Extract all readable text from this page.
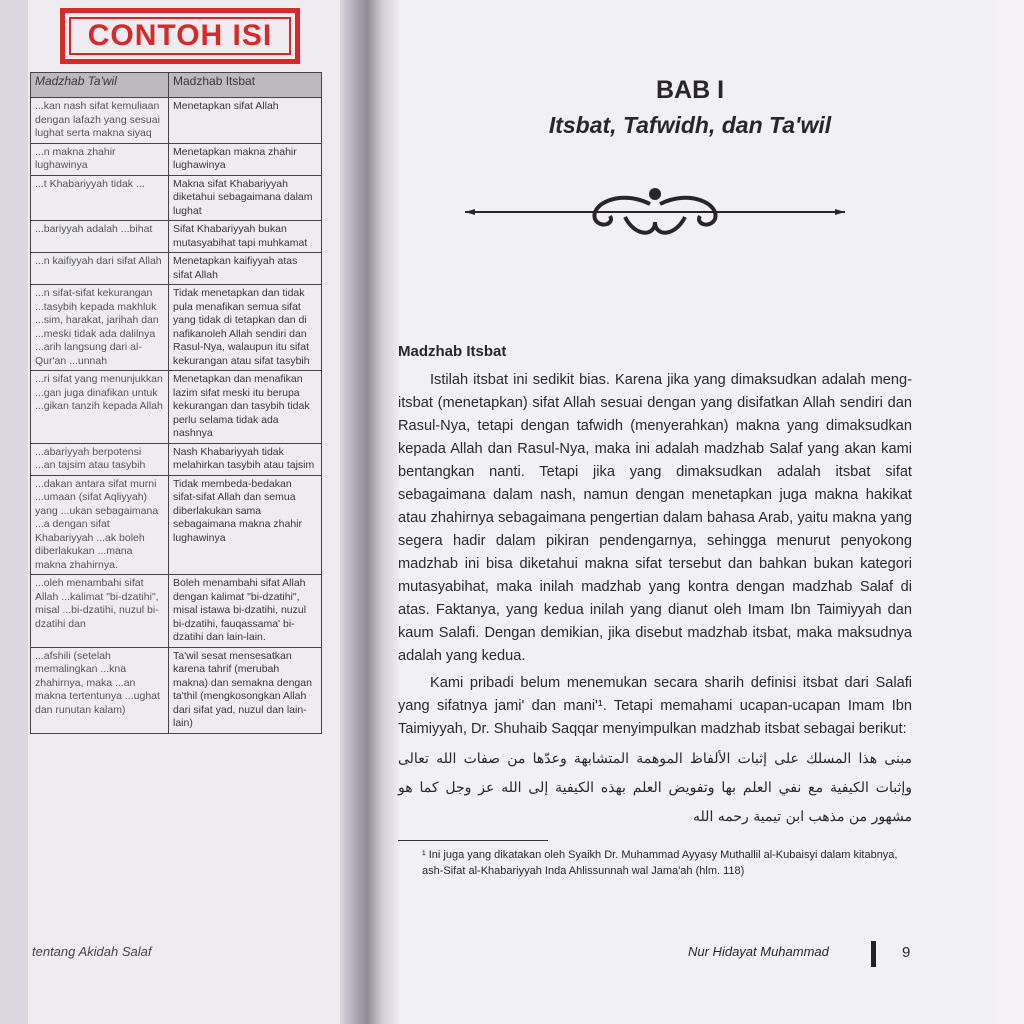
Madzhab Ta'wil	Madzhab Itsbat
...kan nash sifat kemuliaan dengan lafazh yang sesuai lughat serta makna siyaq	Menetapkan sifat Allah
...n makna zhahir lughawinya	Menetapkan makna zhahir lughawinya
...t Khabariyyah tidak ...	Makna sifat Khabariyyah diketahui sebagaimana dalam lughat
...bariyyah adalah ...bihat	Sifat Khabariyyah bukan mutasyabihat tapi muhkamat
...n kaifiyyah dari sifat Allah	Menetapkan kaifiyyah atas sifat Allah
...n sifat-sifat kekurangan ...tasybih kepada makhluk ...sim, harakat, jarihah dan ...meski tidak ada dalilnya ...arih langsung dari al-Qur'an ...unnah	Tidak menetapkan dan tidak pula menafikan semua sifat yang tidak di tetapkan dan di nafikanoleh Allah sendiri dan Rasul-Nya, walaupun itu sifat kekurangan atau sifat tasybih
...ri sifat yang menunjukkan ...gan juga dinafikan untuk ...gikan tanzih kepada Allah	Menetapkan dan menafikan lazim sifat meski itu berupa kekurangan dan tasybih tidak perlu selama tidak ada nashnya
...abariyyah berpotensi ...an tajsim atau tasybih	Nash Khabariyyah tidak melahirkan tasybih atau tajsim
...dakan antara sifat murni ...umaan (sifat Aqliyyah) yang ...ukan sebagaimana ...a dengan sifat Khabariyyah ...ak boleh diberlakukan ...mana makna zhahirnya.	Tidak membeda-bedakan sifat-sifat Allah dan semua diberlakukan sama sebagaimana makna zhahir lughawinya
...oleh menambahi sifat Allah ...kalimat "bi-dzatihi", misal ...bi-dzatihi, nuzul bi-dzatihi dan	Boleh menambahi sifat Allah dengan kalimat "bi-dzatihi", misal istawa bi-dzatihi, nuzul bi-dzatihi, fauqassama' bi-dzatihi dan lain-lain.
...afshili (setelah memalingkan ...kna zhahirnya, maka ...an makna tertentunya ...ughat dan runutan kalam)	Ta'wil sesat mensesatkan karena tahrif (merubah makna) dan semakna dengan ta'thil (mengkosongkan Allah dari sifat yad, nuzul dan lain-lain)
CONTOH ISI
tentang Akidah Salaf
BAB I
Itsbat, Tafwidh, dan Ta'wil
Madzhab Itsbat

Istilah itsbat ini sedikit bias. Karena jika yang dimaksudkan adalah meng-itsbat (menetapkan) sifat Allah sesuai dengan yang disifatkan Allah sendiri dan Rasul-Nya, tetapi dengan tafwidh (menyerahkan) makna yang dimaksudkan kepada Allah dan Rasul-Nya, maka ini adalah madzhab Salaf yang akan kami bentangkan nanti. Tetapi jika yang dimaksudkan adalah itsbat sifat sebagaimana dalam nash, namun dengan menetapkan juga makna hakikat atau zhahirnya sebagaimana pengertian dalam bahasa Arab, yaitu makna yang segera hadir dalam pikiran pendengarnya, sehingga menurut penyokong madzhab ini bisa diketahui makna sifat tersebut dan bahkan bukan kategori mutasyabihat, maka inilah madzhab yang kontra dengan madzhab Salaf di atas. Faktanya, yang kedua inilah yang dianut oleh Imam Ibn Taimiyyah dan kaum Salafi. Dengan demikian, jika disebut madzhab itsbat, maka maksudnya adalah yang kedua.

Kami pribadi belum menemukan secara sharih definisi itsbat dari Salafi yang sifatnya jami' dan mani'¹. Tetapi memahami ucapan-ucapan Imam Ibn Taimiyyah, Dr. Shuhaib Saqqar menyimpulkan madzhab itsbat sebagai berikut:

مبنى هذا المسلك على إثبات الألفاظ الموهمة المتشابهة وعدّها من صفات الله تعالى وإثبات الكيفية مع نفي العلم بها وتفويض العلم بهذه الكيفية إلى الله عز وجل كما هو مشهور من مذهب ابن تيمية رحمه الله
¹ Ini juga yang dikatakan oleh Syaikh Dr. Muhammad Ayyasy Muthallil al-Kubaisyi dalam kitabnya, ash-Sifat al-Khabariyyah Inda Ahlissunnah wal Jama'ah (hlm. 118)
Nur Hidayat Muhammad	9
